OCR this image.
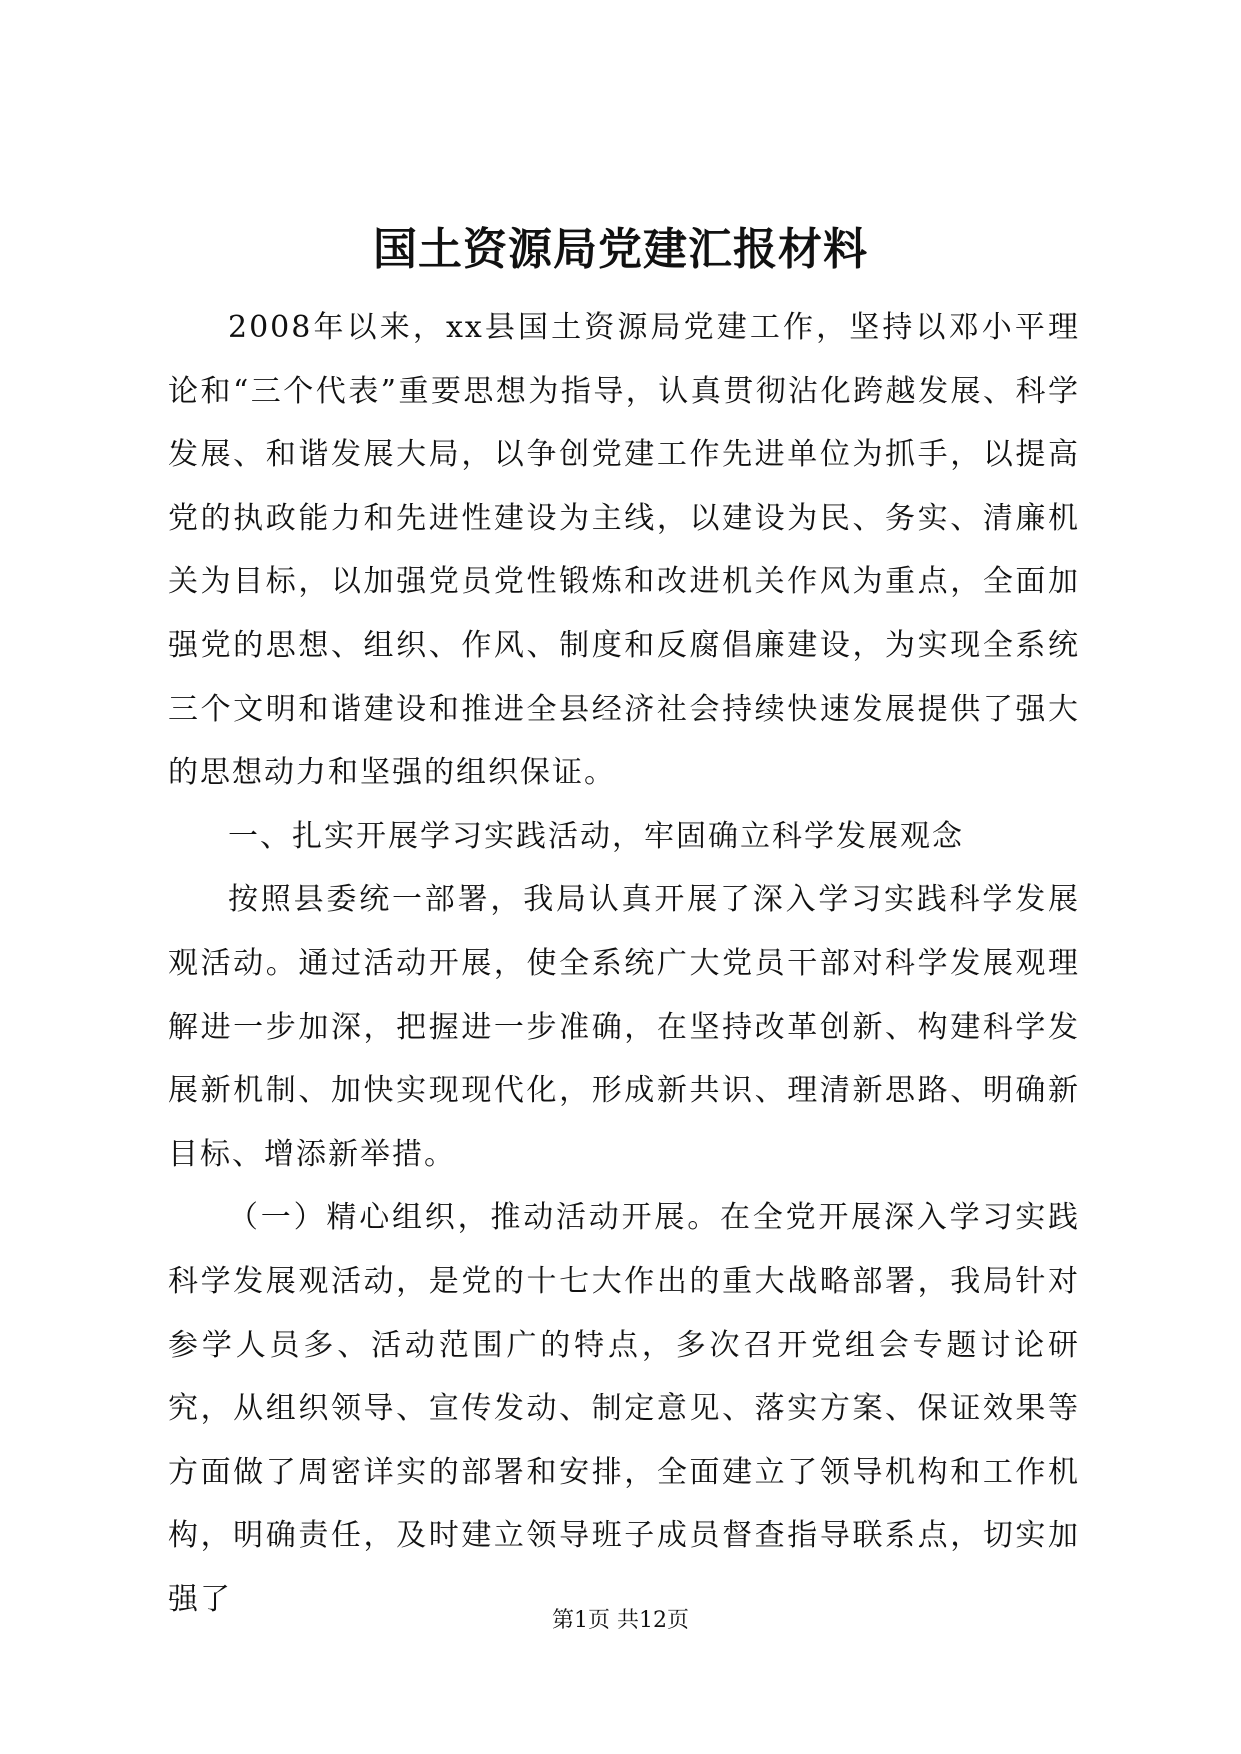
国土资源局党建汇报材料

2008年以来，xx县国土资源局党建工作，坚持以邓小平理论和“三个代表”重要思想为指导，认真贯彻沾化跨越发展、科学发展、和谐发展大局，以争创党建工作先进单位为抓手，以提高党的执政能力和先进性建设为主线，以建设为民、务实、清廉机关为目标，以加强党员党性锻炼和改进机关作风为重点，全面加强党的思想、组织、作风、制度和反腐倡廉建设，为实现全系统三个文明和谐建设和推进全县经济社会持续快速发展提供了强大的思想动力和坚强的组织保证。

一、扎实开展学习实践活动，牢固确立科学发展观念

按照县委统一部署，我局认真开展了深入学习实践科学发展观活动。通过活动开展，使全系统广大党员干部对科学发展观理解进一步加深，把握进一步准确，在坚持改革创新、构建科学发展新机制、加快实现现代化，形成新共识、理清新思路、明确新目标、增添新举措。

（一）精心组织，推动活动开展。在全党开展深入学习实践科学发展观活动，是党的十七大作出的重大战略部署，我局针对参学人员多、活动范围广的特点，多次召开党组会专题讨论研究，从组织领导、宣传发动、制定意见、落实方案、保证效果等方面做了周密详实的部署和安排，全面建立了领导机构和工作机构，明确责任，及时建立领导班子成员督查指导联系点，切实加强了

第1页 共12页
